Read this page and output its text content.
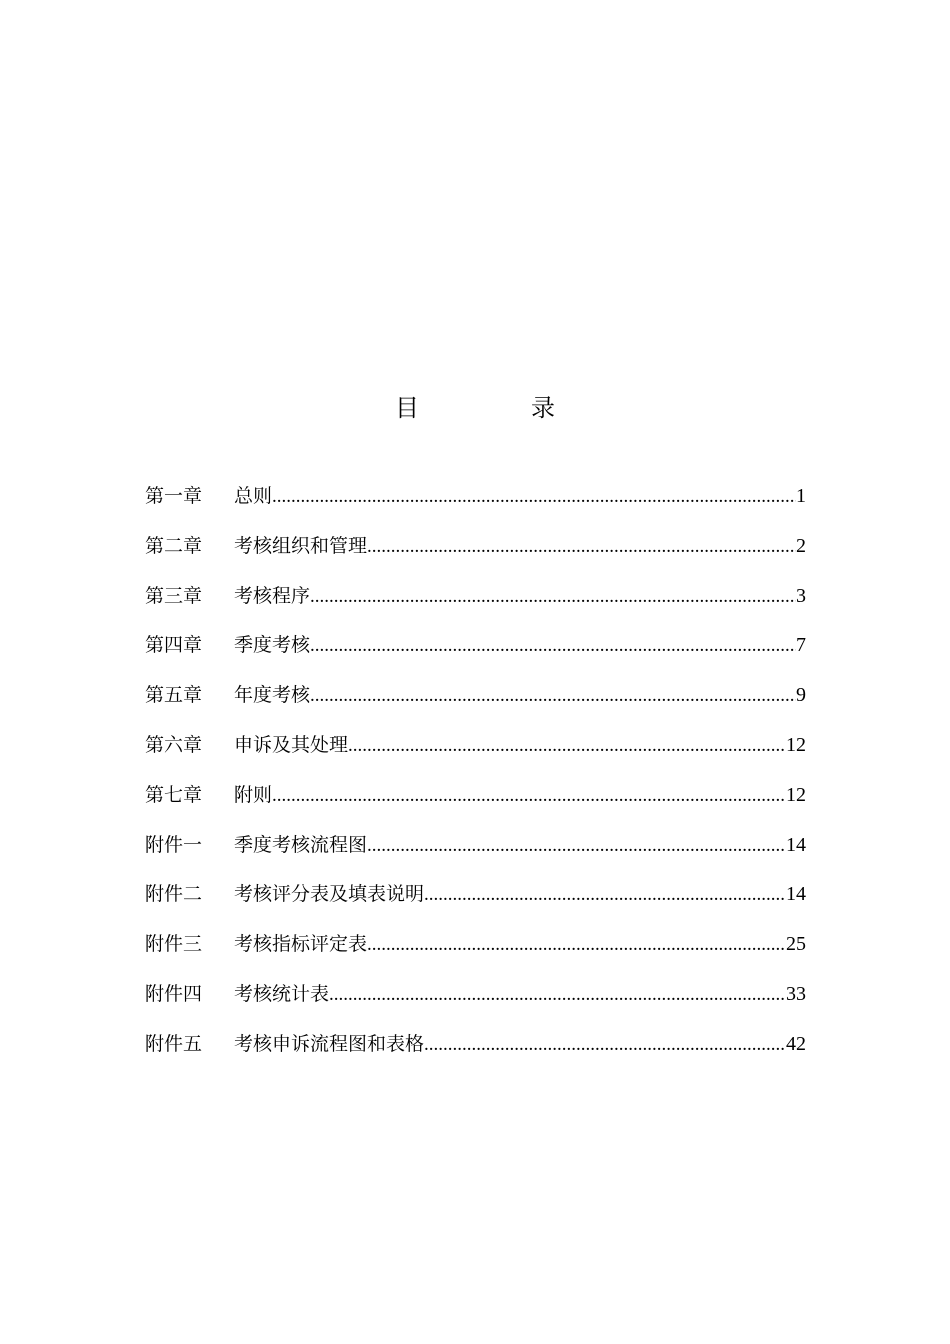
目　录
第一章	总则 .....	1
第二章	考核组织和管理 .....	2
第三章	考核程序 .....	3
第四章	季度考核 .....	7
第五章	年度考核 .....	9
第六章	申诉及其处理 .....	12
第七章	附则 .....	12
附件一	季度考核流程图 .....	14
附件二	考核评分表及填表说明 .....	14
附件三	考核指标评定表 .....	25
附件四	考核统计表 .....	33
附件五	考核申诉流程图和表格 .....	42
